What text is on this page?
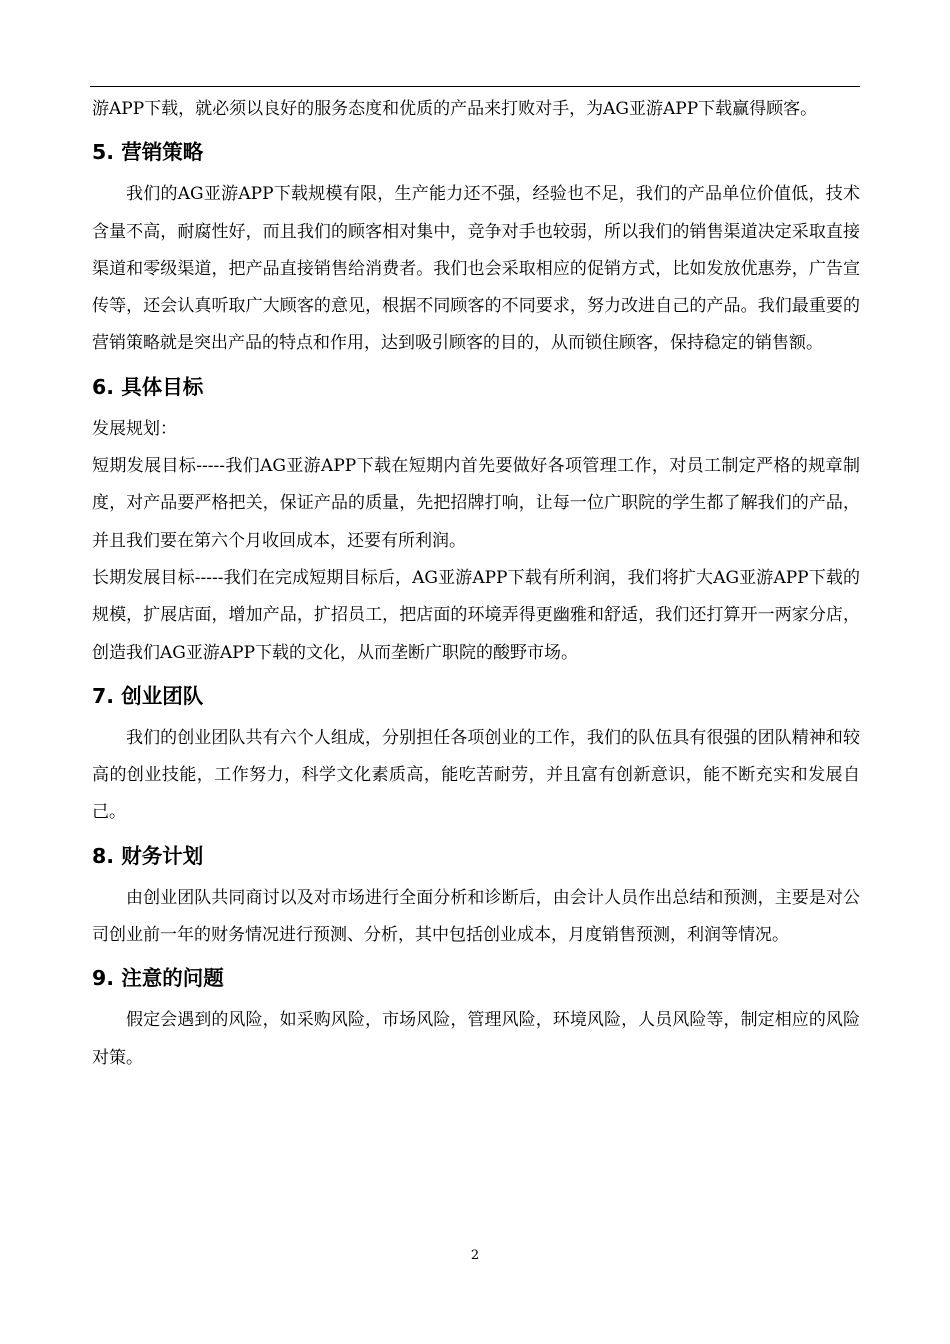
游APP下载，就必须以良好的服务态度和优质的产品来打败对手，为AG亚游APP下载赢得顾客。

5. 营销策略

我们的AG亚游APP下载规模有限，生产能力还不强，经验也不足，我们的产品单位价值低，技术含量不高，耐腐性好，而且我们的顾客相对集中，竞争对手也较弱，所以我们的销售渠道决定采取直接渠道和零级渠道，把产品直接销售给消费者。我们也会采取相应的促销方式，比如发放优惠券，广告宣传等，还会认真听取广大顾客的意见，根据不同顾客的不同要求，努力改进自己的产品。我们最重要的营销策略就是突出产品的特点和作用，达到吸引顾客的目的，从而锁住顾客，保持稳定的销售额。

6. 具体目标

发展规划：

短期发展目标-----我们AG亚游APP下载在短期内首先要做好各项管理工作，对员工制定严格的规章制度，对产品要严格把关，保证产品的质量，先把招牌打响，让每一位广职院的学生都了解我们的产品，并且我们要在第六个月收回成本，还要有所利润。

长期发展目标-----我们在完成短期目标后，AG亚游APP下载有所利润，我们将扩大AG亚游APP下载的规模，扩展店面，增加产品，扩招员工，把店面的环境弄得更幽雅和舒适，我们还打算开一两家分店，创造我们AG亚游APP下载的文化，从而垄断广职院的酸野市场。

7. 创业团队

我们的创业团队共有六个人组成，分别担任各项创业的工作，我们的队伍具有很强的团队精神和较高的创业技能，工作努力，科学文化素质高，能吃苦耐劳，并且富有创新意识，能不断充实和发展自己。

8. 财务计划

由创业团队共同商讨以及对市场进行全面分析和诊断后，由会计人员作出总结和预测，主要是对公司创业前一年的财务情况进行预测、分析，其中包括创业成本，月度销售预测，利润等情况。

9. 注意的问题

假定会遇到的风险，如采购风险，市场风险，管理风险，环境风险，人员风险等，制定相应的风险对策。

2
